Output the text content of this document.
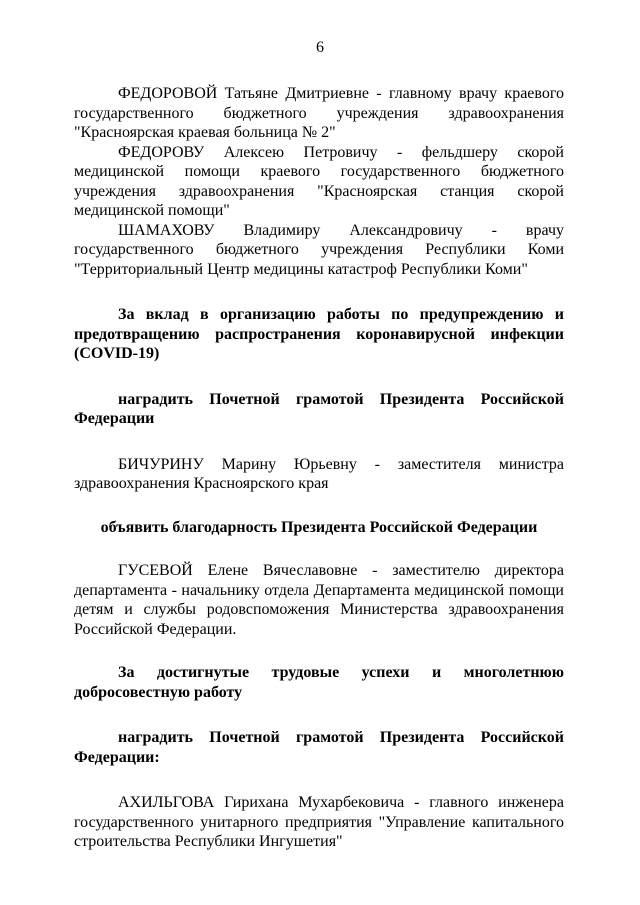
6

ФЕДОРОВОЙ Татьяне Дмитриевне - главному врачу краевого государственного бюджетного учреждения здравоохранения "Красноярская краевая больница № 2"

ФЕДОРОВУ Алексею Петровичу - фельдшеру скорой медицинской помощи краевого государственного бюджетного учреждения здравоохранения "Красноярская станция скорой медицинской помощи"

ШАМАХОВУ Владимиру Александровичу - врачу государственного бюджетного учреждения Республики Коми "Территориальный Центр медицины катастроф Республики Коми"

За вклад в организацию работы по предупреждению и предотвращению распространения коронавирусной инфекции (COVID-19)

наградить Почетной грамотой Президента Российской Федерации

БИЧУРИНУ Марину Юрьевну - заместителя министра здравоохранения Красноярского края

объявить благодарность Президента Российской Федерации

ГУСЕВОЙ Елене Вячеславовне - заместителю директора департамента - начальнику отдела Департамента медицинской помощи детям и службы родовспоможения Министерства здравоохранения Российской Федерации.

За достигнутые трудовые успехи и многолетнюю добросовестную работу

наградить Почетной грамотой Президента Российской Федерации:

АХИЛЬГОВА Гирихана Мухарбековича - главного инженера государственного унитарного предприятия "Управление капитального строительства Республики Ингушетия"
